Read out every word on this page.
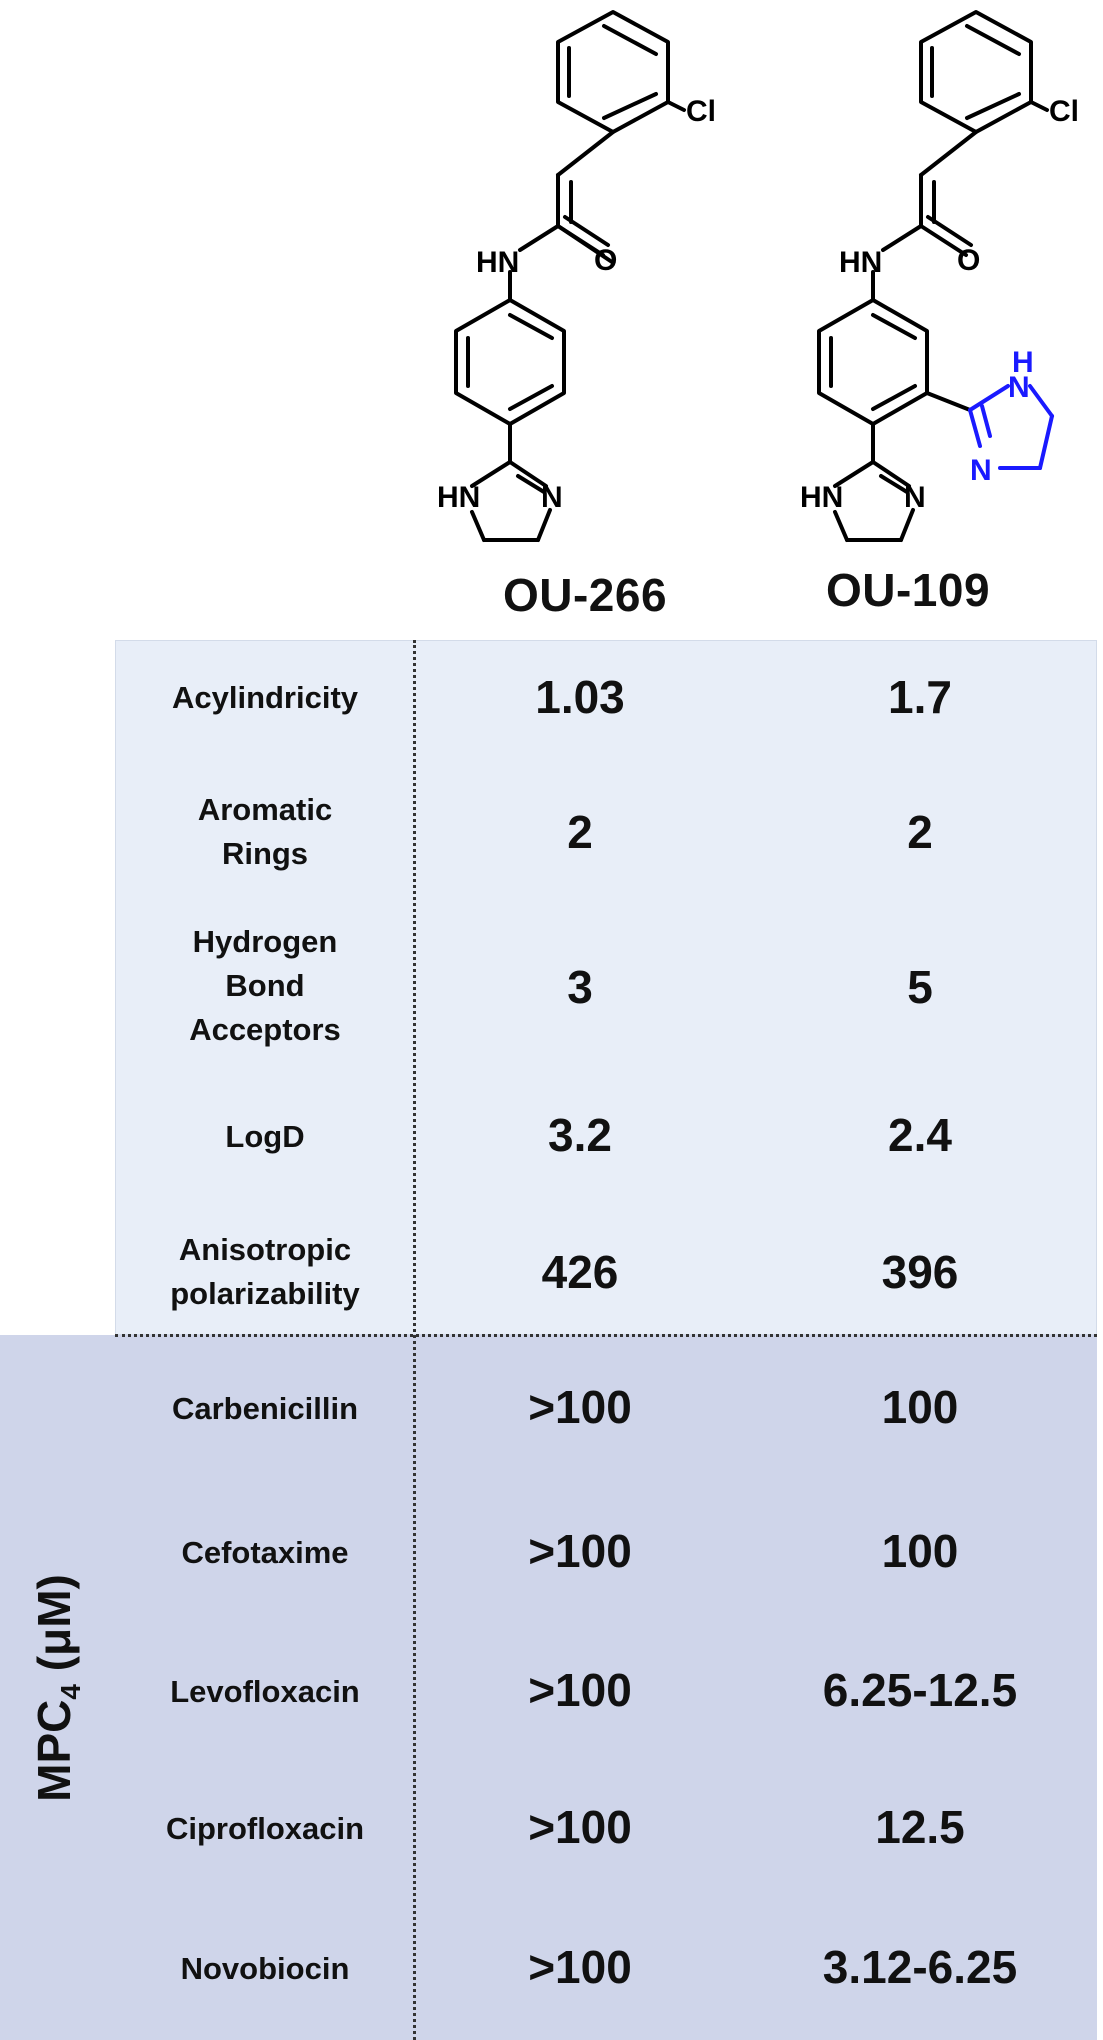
Cl
HN O
HN N
Cl
HN O
HN N
N
H
N
OU-266	OU-109
$MPC_4$ (μM)
Acylindricity	1.03	1.7
Aromatic
Rings	2	2
Hydrogen
Bond
Acceptors
3	5
LogD	3.2	2.4
Anisotropic
polarizability	426	396
Carbenicillin	>100	100
Cefotaxime	>100	100
Levofloxacin	>100	6.25-12.5
Ciprofloxacin	>100	12.5
Novobiocin	>100	3.12-6.25
